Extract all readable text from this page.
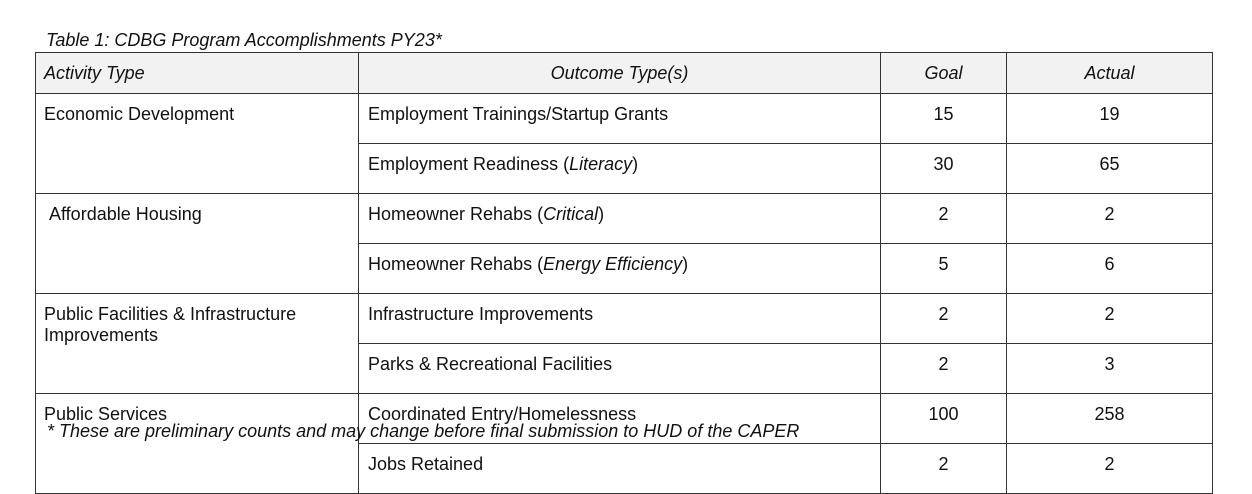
Table 1: CDBG Program Accomplishments PY23*
Activity Type	Outcome Type(s)	Goal	Actual
Economic Development	Employment Trainings/Startup Grants	15	19
	Employment Readiness (Literacy)	30	65
Affordable Housing	Homeowner Rehabs (Critical)	2	2
	Homeowner Rehabs (Energy Efficiency)	5	6
Public Facilities & Infrastructure Improvements	Infrastructure Improvements	2	2
	Parks & Recreational Facilities	2	3
Public Services	Coordinated Entry/Homelessness	100	258
	Jobs Retained	2	2
* These are preliminary counts and may change before final submission to HUD of the CAPER
